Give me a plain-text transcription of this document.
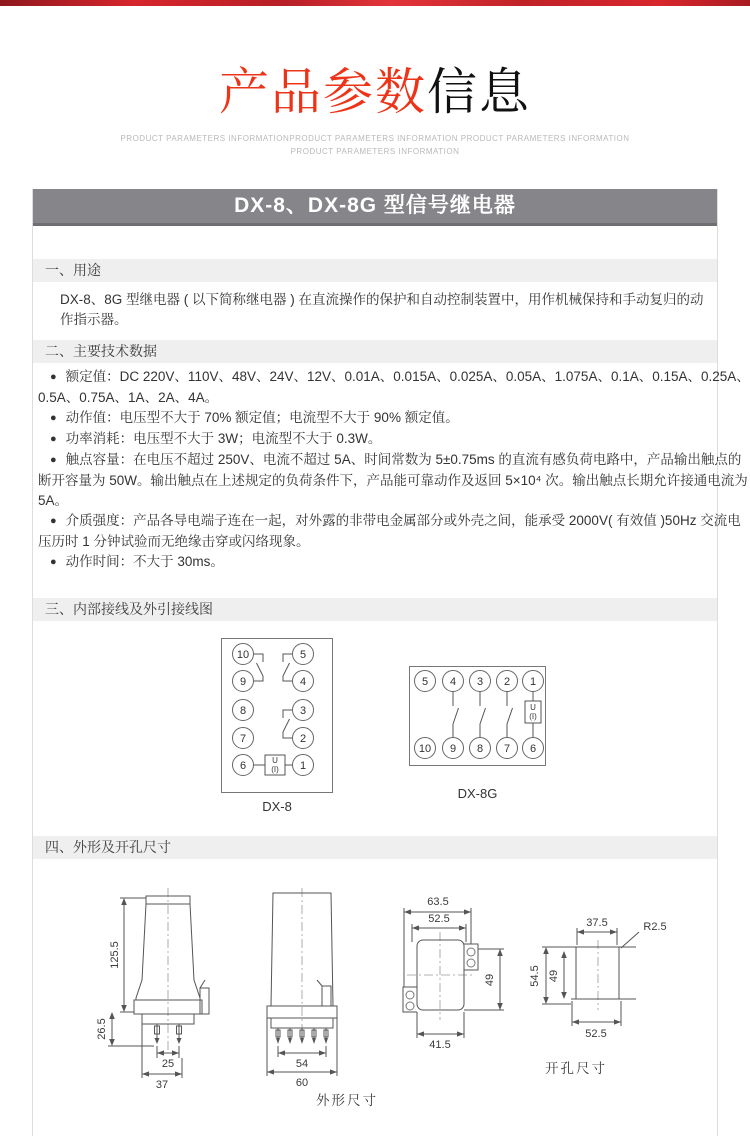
产品参数信息
PRODUCT PARAMETERS INFORMATIONPRODUCT PARAMETERS INFORMATION PRODUCT PARAMETERS INFORMATION
PRODUCT PARAMETERS INFORMATION
DX-8、DX-8G 型信号继电器
一、用途
DX-8、8G 型继电器 ( 以下简称继电器 ) 在直流操作的保护和自动控制装置中，用作机械保持和手动复归的动作指示器。
二、主要技术数据

● 额定值：DC 220V、110V、48V、24V、12V、0.01A、0.015A、0.025A、0.05A、1.075A、0.1A、0.15A、0.25A、0.5A、0.75A、1A、2A、4A。

● 动作值：电压型不大于 70% 额定值；电流型不大于 90% 额定值。

● 功率消耗：电压型不大于 3W；电流型不大于 0.3W。

● 触点容量：在电压不超过 250V、电流不超过 5A、时间常数为 5±0.75ms 的直流有感负荷电路中，产品输出触点的断开容量为 50W。输出触点在上述规定的负荷条件下，产品能可靠动作及返回 5×10⁴ 次。输出触点长期允许接通电流为 5A。

● 介质强度：产品各导电端子连在一起，对外露的非带电金属部分或外壳之间，能承受 2000V( 有效值 )50Hz 交流电压历时 1 分钟试验而无绝缘击穿或闪络现象。

● 动作时间：不大于 30ms。

三、内部接线及外引接线图
U
(I)
10
9
8
7
6
5
4
3
2
1
DX-8
U
(I)
5 4 3 2 1
10 9 8 7 6
DX-8G
四、外形及开孔尺寸
125.5
26.5
25
37
54
60
外形尺寸
63.5
52.5
49
41.5
37.5	R2.5
54.5 49
52.5
开孔尺寸
